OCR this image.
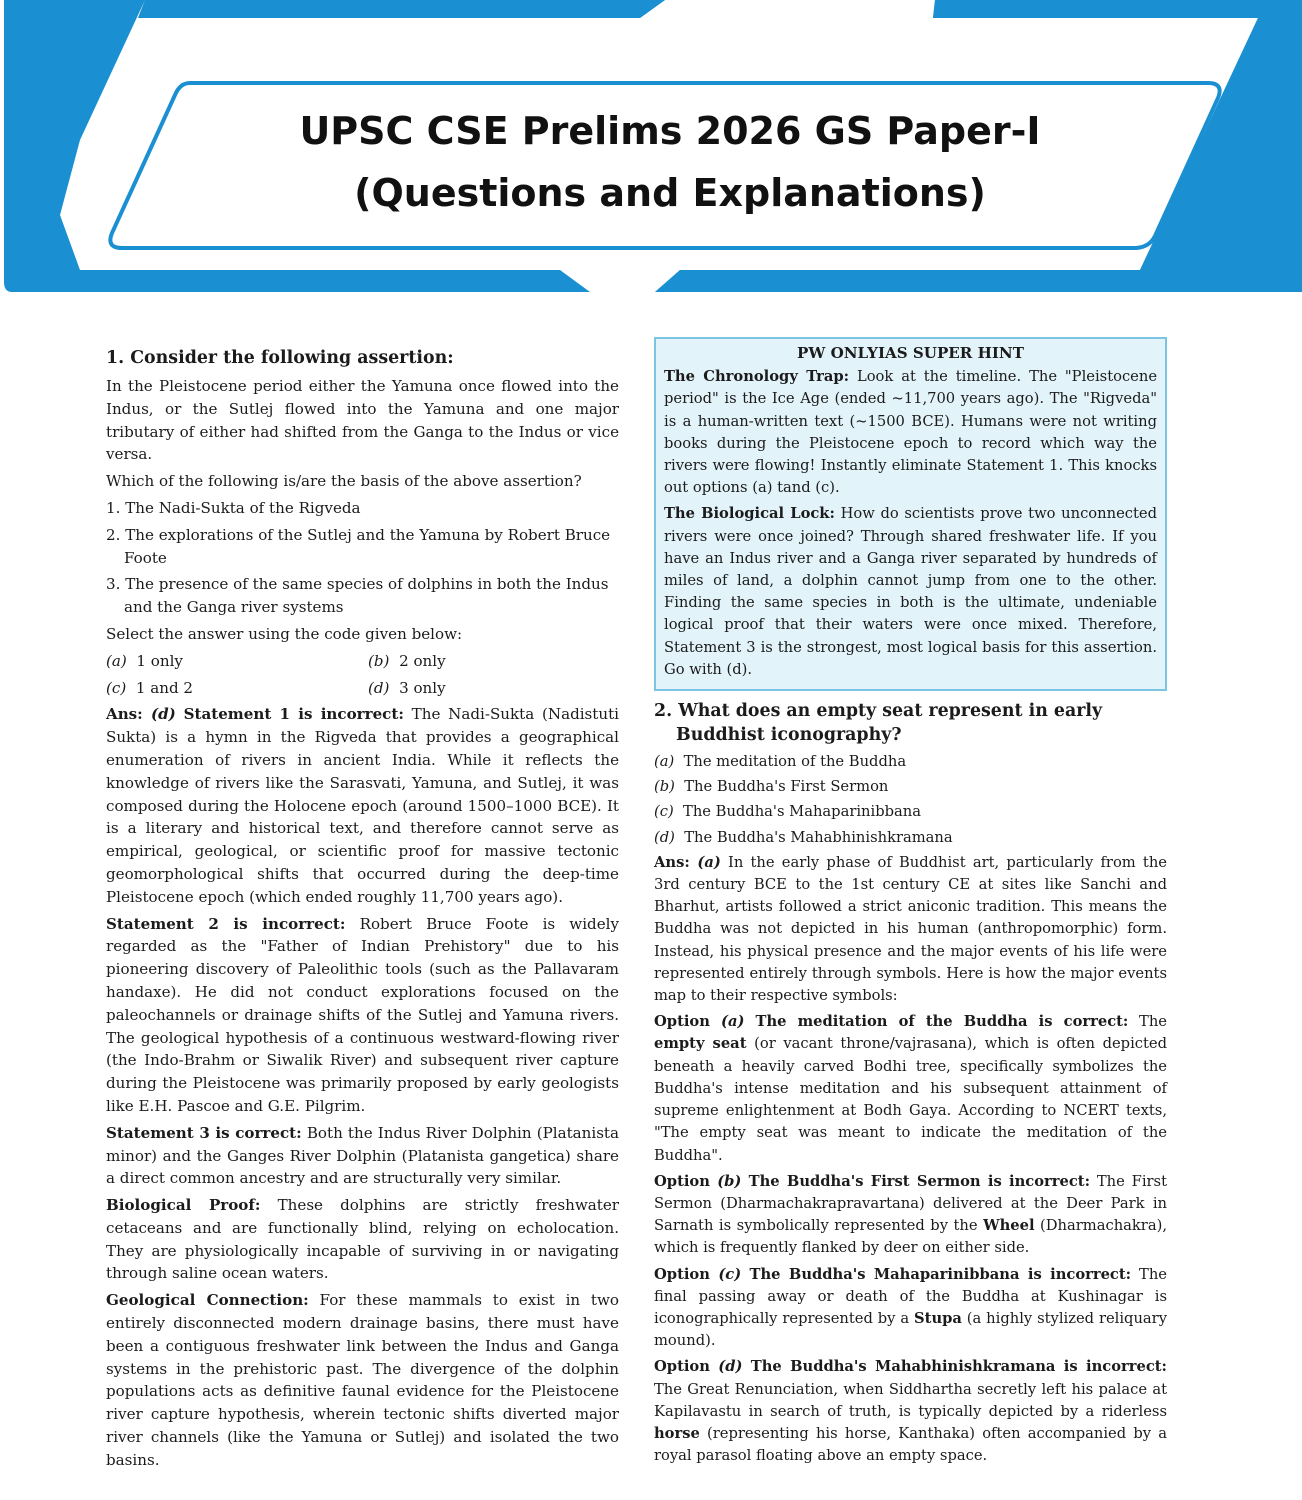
UPSC CSE Prelims 2026 GS Paper-I
(Questions and Explanations)
1. Consider the following assertion:

In the Pleistocene period either the Yamuna once flowed into the Indus, or the Sutlej flowed into the Yamuna and one major tributary of either had shifted from the Ganga to the Indus or vice versa.

Which of the following is/are the basis of the above assertion?

1. The Nadi-Sukta of the Rigveda
2. The explorations of the Sutlej and the Yamuna by Robert Bruce Foote
3. The presence of the same species of dolphins in both the Indus and the Ganga river systems

Select the answer using the code given below:

(a) 1 only	(b) 2 only
(c) 1 and 2	(d) 3 only

Ans: (d) Statement 1 is incorrect: The Nadi-Sukta (Nadistuti Sukta) is a hymn in the Rigveda that provides a geographical enumeration of rivers in ancient India. While it reflects the knowledge of rivers like the Sarasvati, Yamuna, and Sutlej, it was composed during the Holocene epoch (around 1500–1000 BCE). It is a literary and historical text, and therefore cannot serve as empirical, geological, or scientific proof for massive tectonic geomorphological shifts that occurred during the deep-time Pleistocene epoch (which ended roughly 11,700 years ago).

Statement 2 is incorrect: Robert Bruce Foote is widely regarded as the "Father of Indian Prehistory" due to his pioneering discovery of Paleolithic tools (such as the Pallavaram handaxe). He did not conduct explorations focused on the paleochannels or drainage shifts of the Sutlej and Yamuna rivers. The geological hypothesis of a continuous westward-flowing river (the Indo-Brahm or Siwalik River) and subsequent river capture during the Pleistocene was primarily proposed by early geologists like E.H. Pascoe and G.E. Pilgrim.

Statement 3 is correct: Both the Indus River Dolphin (Platanista minor) and the Ganges River Dolphin (Platanista gangetica) share a direct common ancestry and are structurally very similar.

Biological Proof: These dolphins are strictly freshwater cetaceans and are functionally blind, relying on echolocation. They are physiologically incapable of surviving in or navigating through saline ocean waters.

Geological Connection: For these mammals to exist in two entirely disconnected modern drainage basins, there must have been a contiguous freshwater link between the Indus and Ganga systems in the prehistoric past. The divergence of the dolphin populations acts as definitive faunal evidence for the Pleistocene river capture hypothesis, wherein tectonic shifts diverted major river channels (like the Yamuna or Sutlej) and isolated the two basins.

PW ONLYIAS SUPER HINT

The Chronology Trap: Look at the timeline. The "Pleistocene period" is the Ice Age (ended ~11,700 years ago). The "Rigveda" is a human-written text (~1500 BCE). Humans were not writing books during the Pleistocene epoch to record which way the rivers were flowing! Instantly eliminate Statement 1. This knocks out options (a) tand (c).

The Biological Lock: How do scientists prove two unconnected rivers were once joined? Through shared freshwater life. If you have an Indus river and a Ganga river separated by hundreds of miles of land, a dolphin cannot jump from one to the other. Finding the same species in both is the ultimate, undeniable logical proof that their waters were once mixed. Therefore, Statement 3 is the strongest, most logical basis for this assertion. Go with (d).

2. What does an empty seat represent in early Buddhist iconography?
(a) The meditation of the Buddha
(b) The Buddha's First Sermon
(c) The Buddha's Mahaparinibbana
(d) The Buddha's Mahabhinishkramana

Ans: (a) In the early phase of Buddhist art, particularly from the 3rd century BCE to the 1st century CE at sites like Sanchi and Bharhut, artists followed a strict aniconic tradition. This means the Buddha was not depicted in his human (anthropomorphic) form. Instead, his physical presence and the major events of his life were represented entirely through symbols. Here is how the major events map to their respective symbols:

Option (a) The meditation of the Buddha is correct: The empty seat (or vacant throne/vajrasana), which is often depicted beneath a heavily carved Bodhi tree, specifically symbolizes the Buddha's intense meditation and his subsequent attainment of supreme enlightenment at Bodh Gaya. According to NCERT texts, "The empty seat was meant to indicate the meditation of the Buddha".

Option (b) The Buddha's First Sermon is incorrect: The First Sermon (Dharmachakrapravartana) delivered at the Deer Park in Sarnath is symbolically represented by the Wheel (Dharmachakra), which is frequently flanked by deer on either side.

Option (c) The Buddha's Mahaparinibbana is incorrect: The final passing away or death of the Buddha at Kushinagar is iconographically represented by a Stupa (a highly stylized reliquary mound).

Option (d) The Buddha's Mahabhinishkramana is incorrect: The Great Renunciation, when Siddhartha secretly left his palace at Kapilavastu in search of truth, is typically depicted by a riderless horse (representing his horse, Kanthaka) often accompanied by a royal parasol floating above an empty space.
